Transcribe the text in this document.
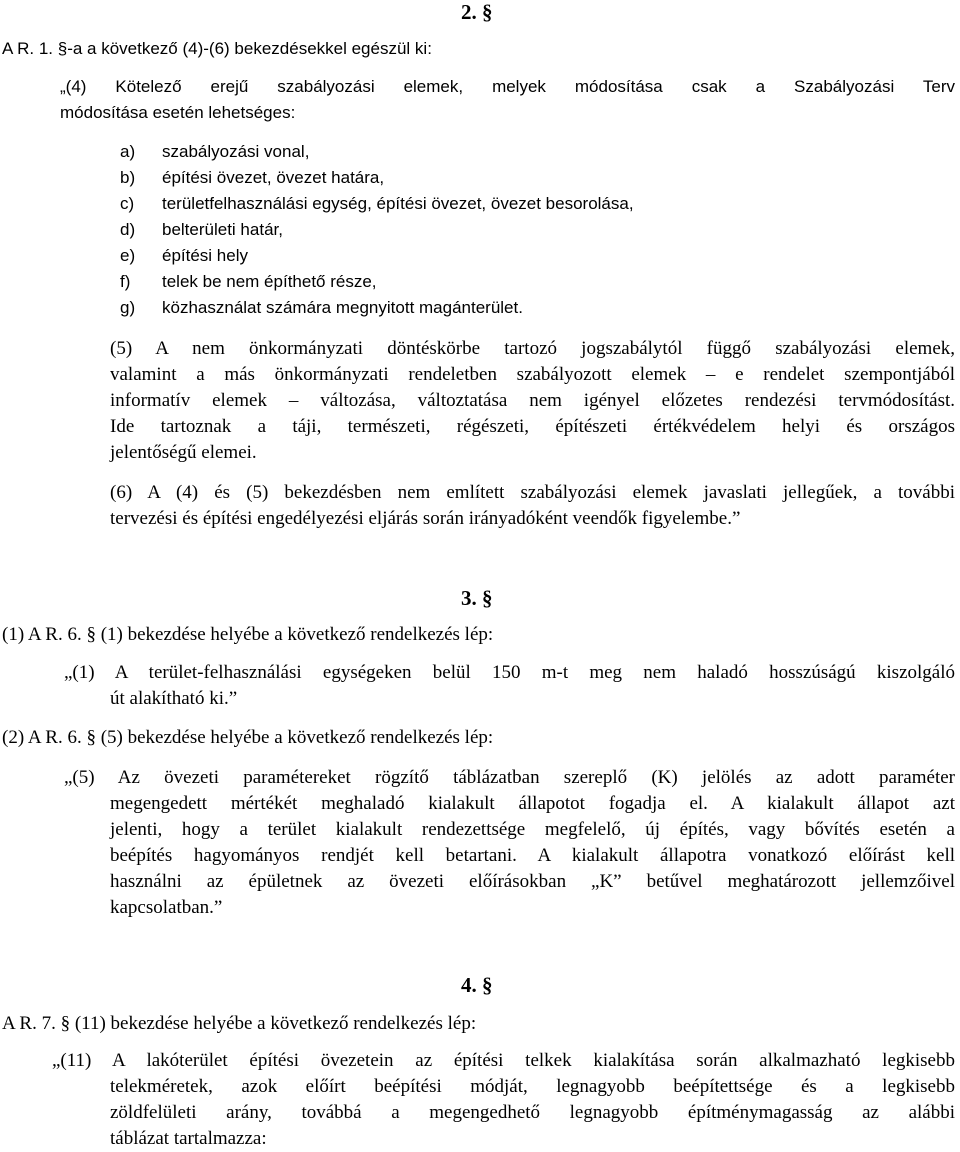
2. §
A R. 1. §-a a következő (4)-(6) bekezdésekkel egészül ki:
„(4) Kötelező erejű szabályozási elemek, melyek módosítása csak a Szabályozási Terv
módosítása esetén lehetséges:
a) szabályozási vonal,
b) építési övezet, övezet határa,
c) területfelhasználási egység, építési övezet, övezet besorolása,
d) belterületi határ,
e) építési hely
f) telek be nem építhető része,
g) közhasználat számára megnyitott magánterület.
(5) A nem önkormányzati döntéskörbe tartozó jogszabálytól függő szabályozási elemek,
valamint a más önkormányzati rendeletben szabályozott elemek – e rendelet szempontjából
informatív elemek – változása, változtatása nem igényel előzetes rendezési tervmódosítást.
Ide tartoznak a táji, természeti, régészeti, építészeti értékvédelem helyi és országos
jelentőségű elemei.
(6) A (4) és (5) bekezdésben nem említett szabályozási elemek javaslati jellegűek, a további
tervezési és építési engedélyezési eljárás során irányadóként veendők figyelembe.”
3. §
(1) A R. 6. § (1) bekezdése helyébe a következő rendelkezés lép:
„(1) A terület-felhasználási egységeken belül 150 m-t meg nem haladó hosszúságú kiszolgáló
út alakítható ki.”
(2) A R. 6. § (5) bekezdése helyébe a következő rendelkezés lép:
„(5) Az övezeti paramétereket rögzítő táblázatban szereplő (K) jelölés az adott paraméter
megengedett mértékét meghaladó kialakult állapotot fogadja el. A kialakult állapot azt
jelenti, hogy a terület kialakult rendezettsége megfelelő, új építés, vagy bővítés esetén a
beépítés hagyományos rendjét kell betartani. A kialakult állapotra vonatkozó előírást kell
használni az épületnek az övezeti előírásokban „K” betűvel meghatározott jellemzőivel
kapcsolatban.”
4. §
A R. 7. § (11) bekezdése helyébe a következő rendelkezés lép:
„(11) A lakóterület építési övezetein az építési telkek kialakítása során alkalmazható legkisebb
telekméretek, azok előírt beépítési módját, legnagyobb beépítettsége és a legkisebb
zöldfelületi arány, továbbá a megengedhető legnagyobb építménymagasság az alábbi
táblázat tartalmazza:
